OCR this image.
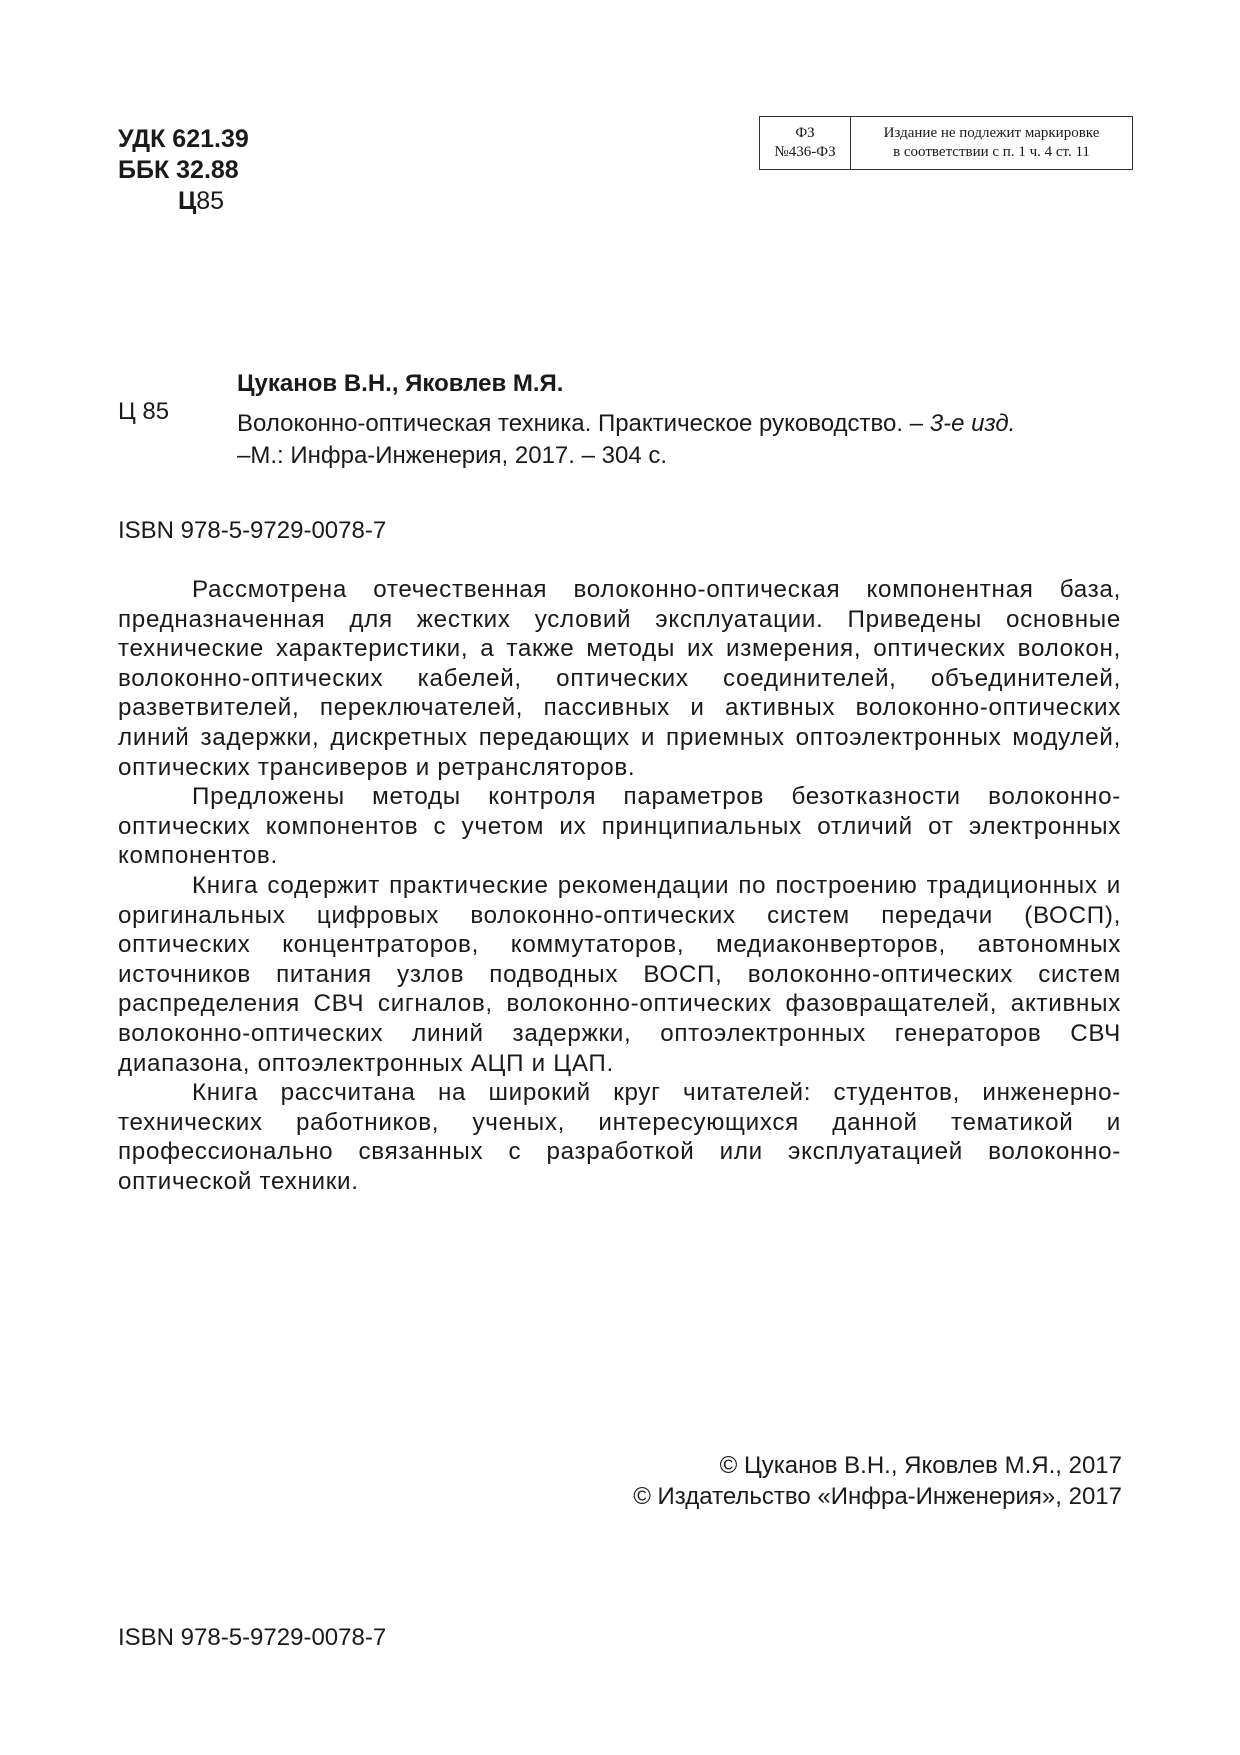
УДК 621.39
ББК 32.88
Ц85
ФЗ
№436-ФЗ
Издание не подлежит маркировке
в соответствии с п. 1 ч. 4 ст. 11
Ц 85
Цуканов В.Н., Яковлев М.Я.
Волоконно-оптическая техника. Практическое руководство. – 3-е изд.
–М.: Инфра-Инженерия, 2017. – 304 с.
ISBN 978-5-9729-0078-7

Рассмотрена отечественная волоконно-оптическая компонентная база, предназначенная для жестких условий эксплуатации. Приведены основные технические характеристики, а также методы их измерения, оптических волокон, волоконно-оптических кабелей, оптических соединителей, объединителей, разветвителей, переключателей, пассивных и активных волоконно-оптических линий задержки, дискретных передающих и приемных оптоэлектронных модулей, оптических трансиверов и ретрансляторов.

Предложены методы контроля параметров безотказности волоконно-оптических компонентов с учетом их принципиальных отличий от электронных компонентов.

Книга содержит практические рекомендации по построению традиционных и оригинальных цифровых волоконно-оптических систем передачи (ВОСП), оптических концентраторов, коммутаторов, медиаконверторов, автономных источников питания узлов подводных ВОСП, волоконно-оптических систем распределения СВЧ сигналов, волоконно-оптических фазовращателей, активных волоконно-оптических линий задержки, оптоэлектронных генераторов СВЧ диапазона, оптоэлектронных АЦП и ЦАП.

Книга рассчитана на широкий круг читателей: студентов, инженерно-технических работников, ученых, интересующихся данной тематикой и профессионально связанных с разработкой или эксплуатацией волоконно-оптической техники.

© Цуканов В.Н., Яковлев М.Я., 2017
© Издательство «Инфра-Инженерия», 2017
ISBN 978-5-9729-0078-7
